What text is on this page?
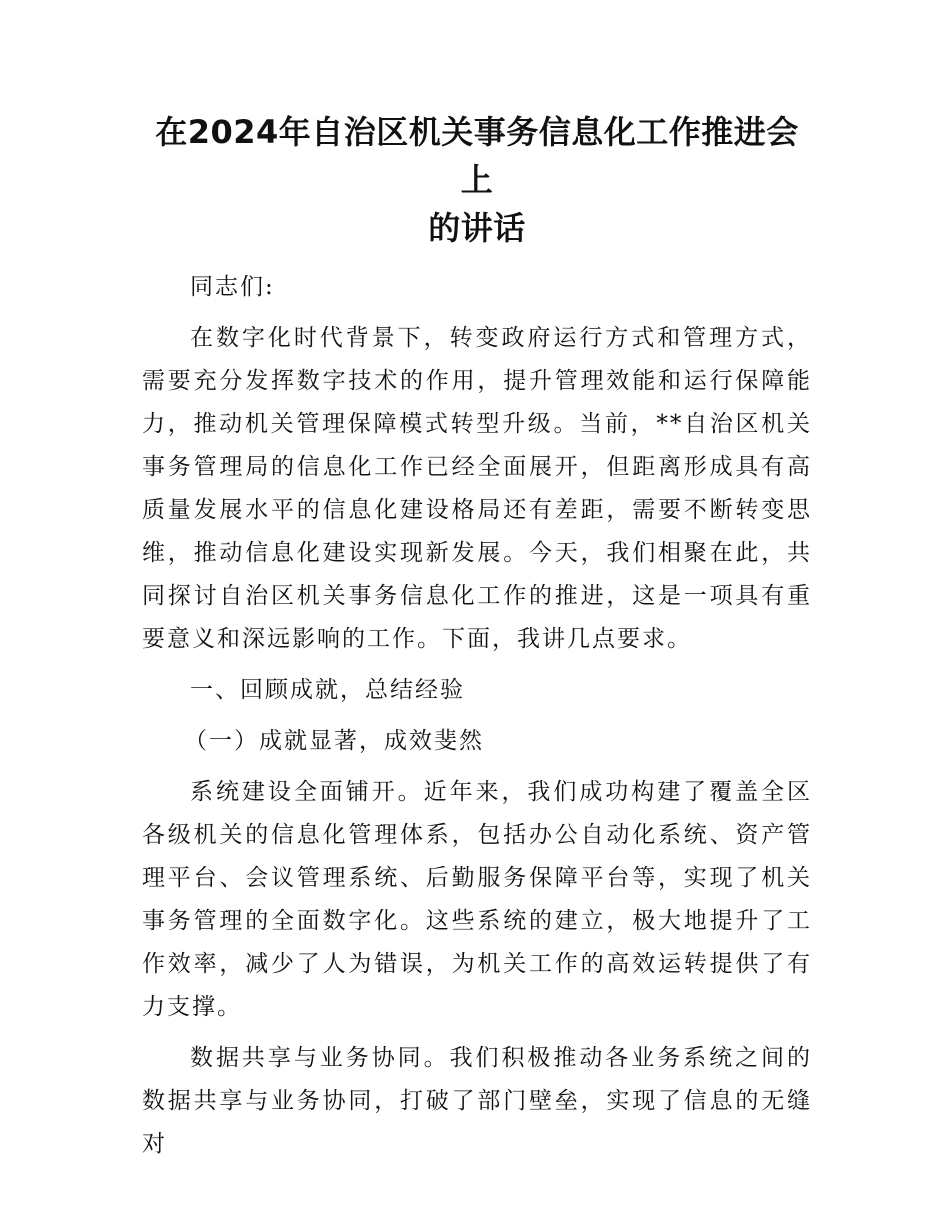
在2024年自治区机关事务信息化工作推进会上
的讲话

同志们:

在数字化时代背景下，转变政府运行方式和管理方式，需要充分发挥数字技术的作用，提升管理效能和运行保障能力，推动机关管理保障模式转型升级。当前，**自治区机关事务管理局的信息化工作已经全面展开，但距离形成具有高质量发展水平的信息化建设格局还有差距，需要不断转变思维，推动信息化建设实现新发展。今天，我们相聚在此，共同探讨自治区机关事务信息化工作的推进，这是一项具有重要意义和深远影响的工作。下面，我讲几点要求。

一、回顾成就，总结经验

（一）成就显著，成效斐然

系统建设全面铺开。近年来，我们成功构建了覆盖全区各级机关的信息化管理体系，包括办公自动化系统、资产管理平台、会议管理系统、后勤服务保障平台等，实现了机关事务管理的全面数字化。这些系统的建立，极大地提升了工作效率，减少了人为错误，为机关工作的高效运转提供了有力支撑。

数据共享与业务协同。我们积极推动各业务系统之间的数据共享与业务协同，打破了部门壁垒，实现了信息的无缝对
